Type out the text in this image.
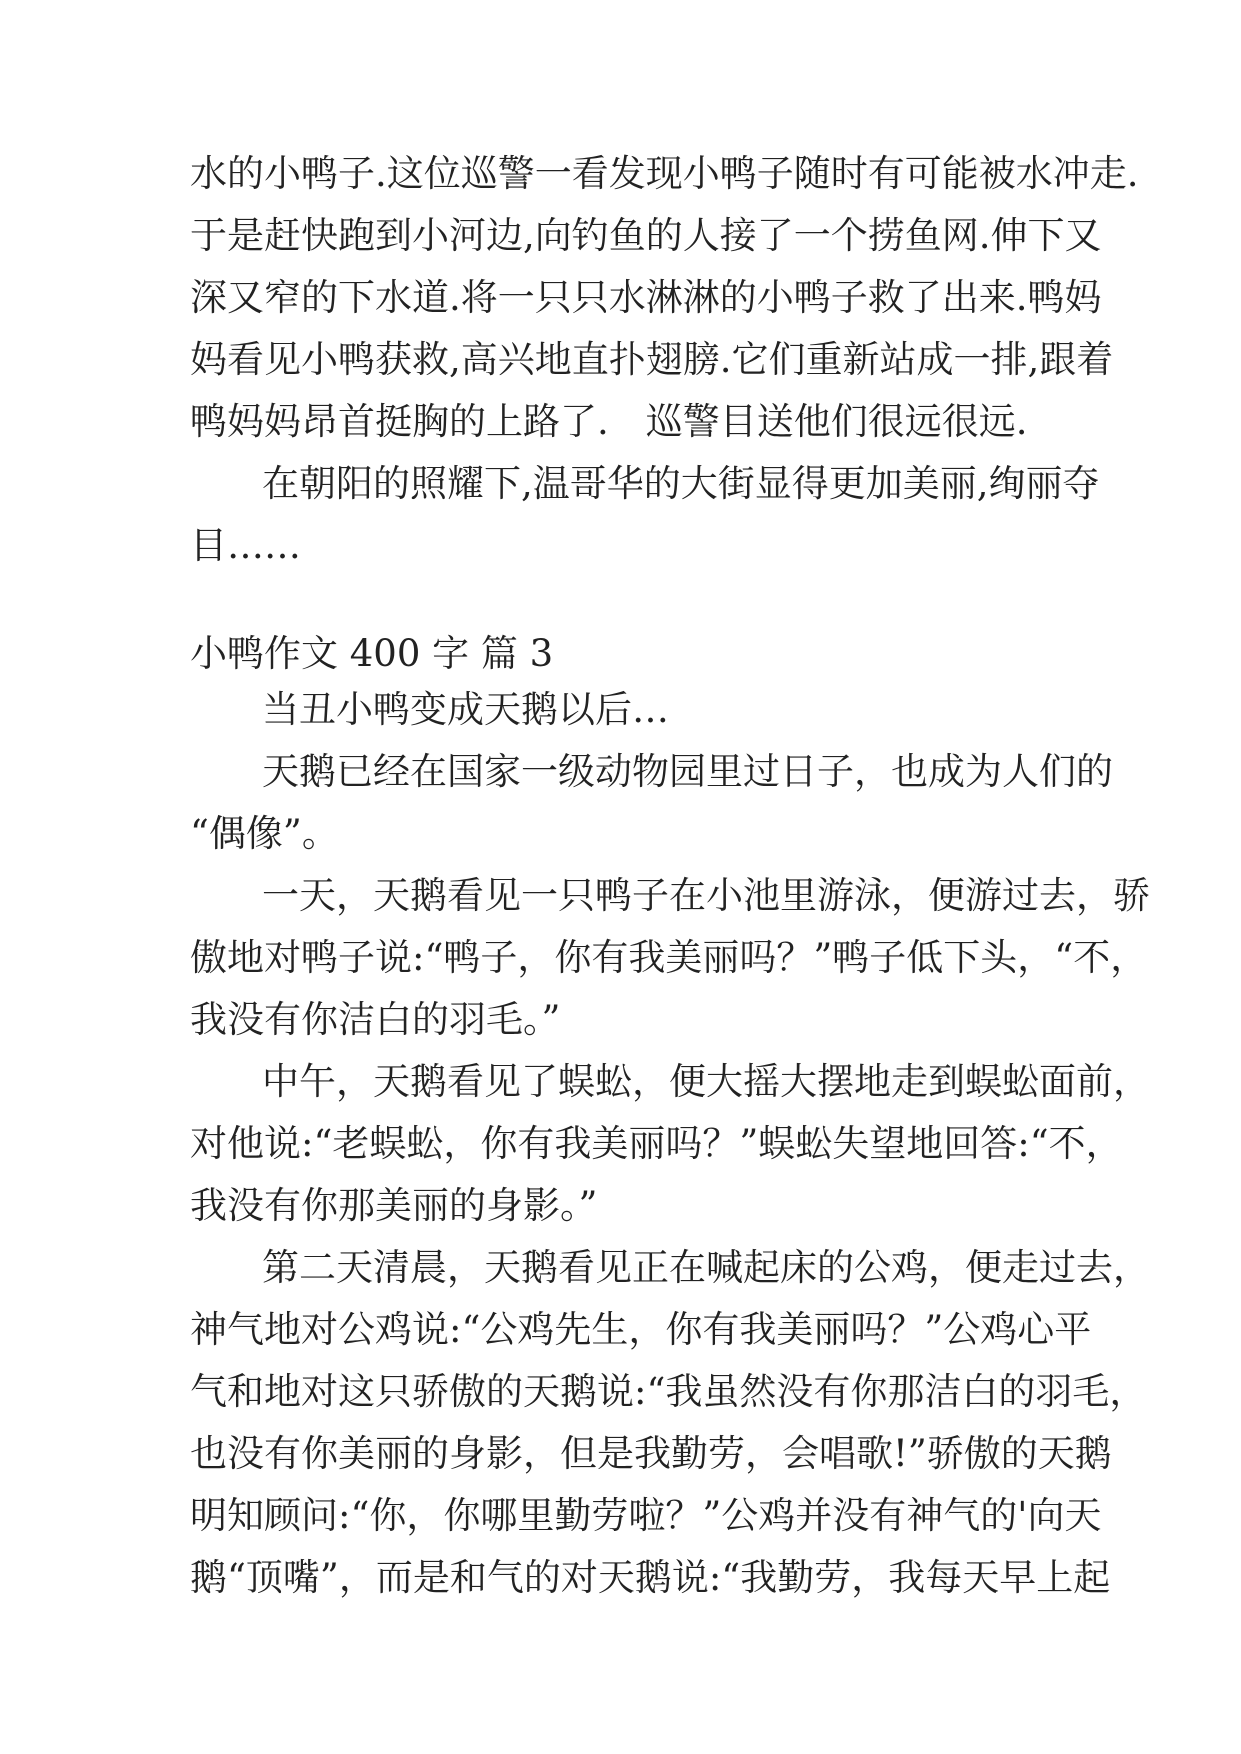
水的小鸭子.这位巡警一看发现小鸭子随时有可能被水冲走.
于是赶快跑到小河边,向钓鱼的人接了一个捞鱼网.伸下又
深又窄的下水道.将一只只水淋淋的小鸭子救了出来.鸭妈
妈看见小鸭获救,高兴地直扑翅膀.它们重新站成一排,跟着
鸭妈妈昂首挺胸的上路了.　巡警目送他们很远很远.
在朝阳的照耀下,温哥华的大街显得更加美丽,绚丽夺
目……
小鸭作文 400 字 篇 3
当丑小鸭变成天鹅以后…
天鹅已经在国家一级动物园里过日子，也成为人们的
“偶像”。
一天，天鹅看见一只鸭子在小池里游泳，便游过去，骄
傲地对鸭子说:“鸭子，你有我美丽吗？”鸭子低下头，“不，
我没有你洁白的羽毛。”
中午，天鹅看见了蜈蚣，便大摇大摆地走到蜈蚣面前，
对他说:“老蜈蚣，你有我美丽吗？”蜈蚣失望地回答:“不，
我没有你那美丽的身影。”
第二天清晨，天鹅看见正在喊起床的公鸡，便走过去，
神气地对公鸡说:“公鸡先生，你有我美丽吗？”公鸡心平
气和地对这只骄傲的天鹅说:“我虽然没有你那洁白的羽毛，
也没有你美丽的身影，但是我勤劳，会唱歌!”骄傲的天鹅
明知顾问:“你，你哪里勤劳啦？”公鸡并没有神气的'向天
鹅“顶嘴”，而是和气的对天鹅说:“我勤劳，我每天早上起
